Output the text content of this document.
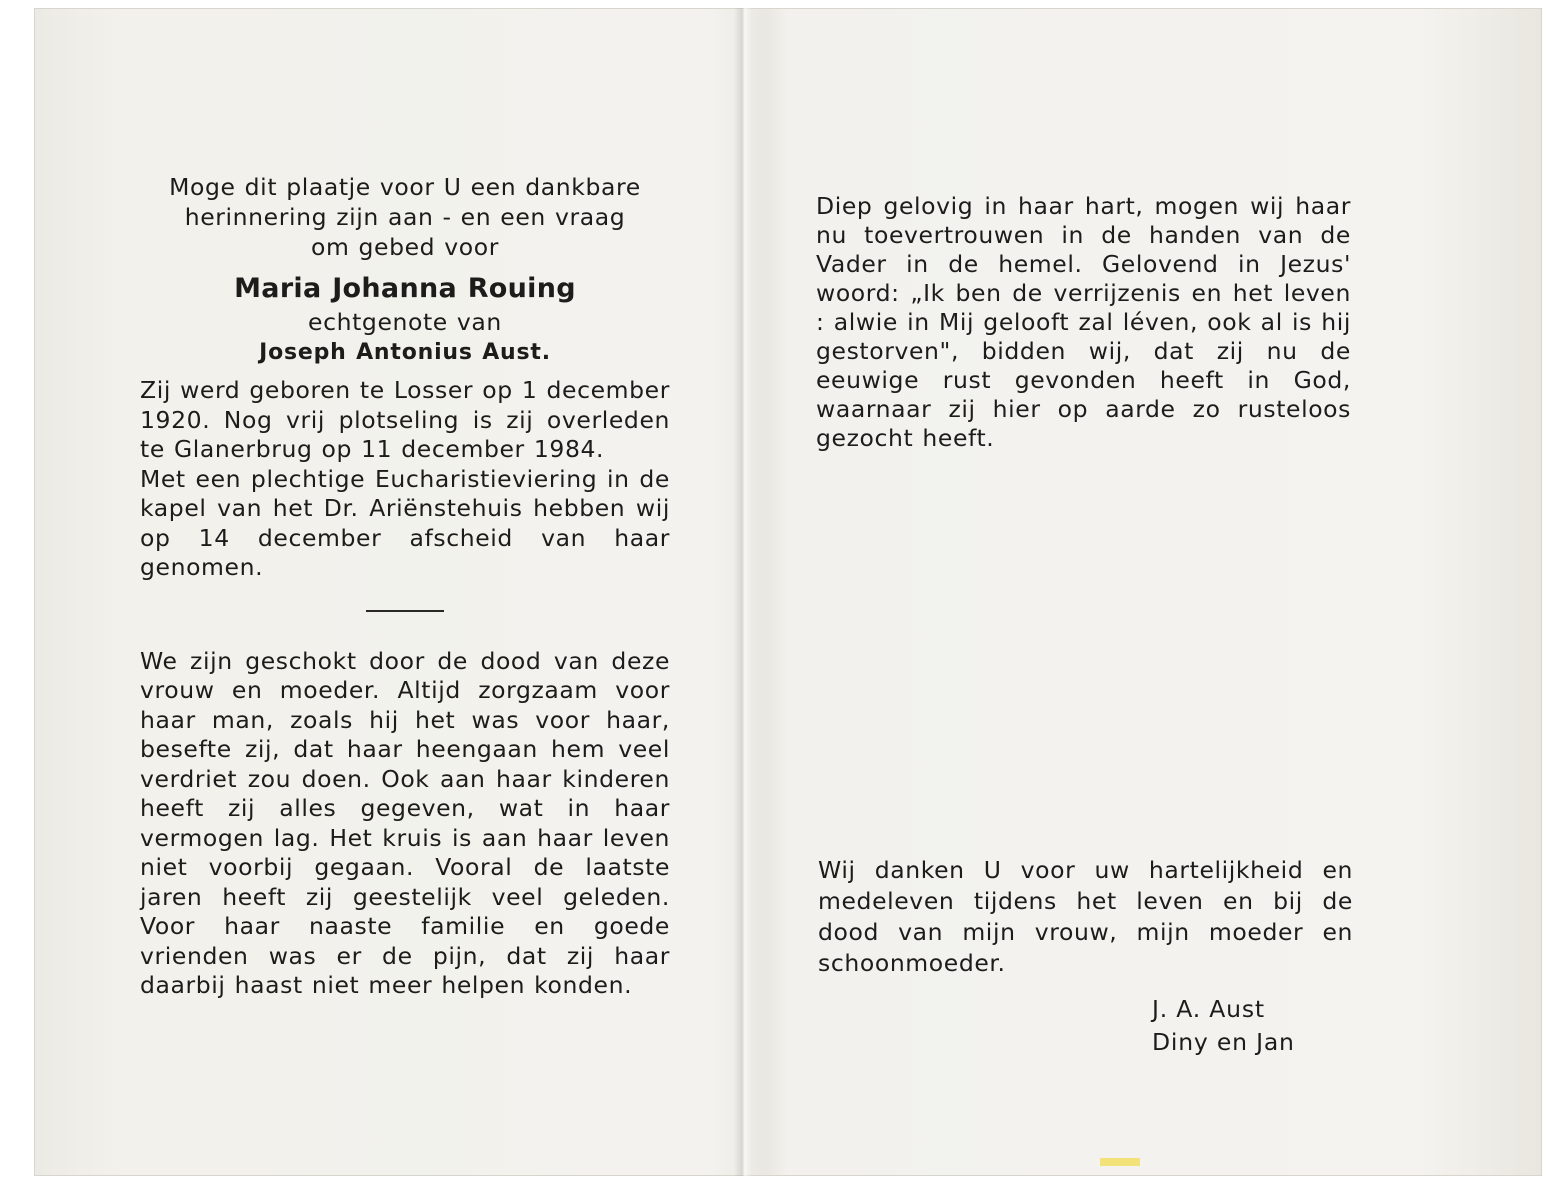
Moge dit plaatje voor U een dankbare
herinnering zijn aan - en een vraag
om gebed voor
Maria Johanna Rouing
echtgenote van
Joseph Antonius Aust.
Zij werd geboren te Losser op 1 december 1920. Nog vrij plotseling is zij overleden te Glanerbrug op 11 december 1984.
Met een plechtige Eucharistieviering in de kapel van het Dr. Ariënstehuis hebben wij op 14 december afscheid van haar genomen.
We zijn geschokt door de dood van deze vrouw en moeder. Altijd zorgzaam voor haar man, zoals hij het was voor haar, besefte zij, dat haar heengaan hem veel verdriet zou doen. Ook aan haar kinderen heeft zij alles gegeven, wat in haar vermogen lag. Het kruis is aan haar leven niet voorbij gegaan. Vooral de laatste jaren heeft zij geestelijk veel geleden. Voor haar naaste familie en goede vrienden was er de pijn, dat zij haar daarbij haast niet meer helpen konden.
Diep gelovig in haar hart, mogen wij haar nu toevertrouwen in de handen van de Vader in de hemel. Gelovend in Jezus' woord: „Ik ben de verrijzenis en het leven : alwie in Mij gelooft zal léven, ook al is hij gestorven", bidden wij, dat zij nu de eeuwige rust gevonden heeft in God, waarnaar zij hier op aarde zo rusteloos gezocht heeft.
Wij danken U voor uw hartelijkheid en medeleven tijdens het leven en bij de dood van mijn vrouw, mijn moeder en schoonmoeder.
J. A. Aust
Diny en Jan
